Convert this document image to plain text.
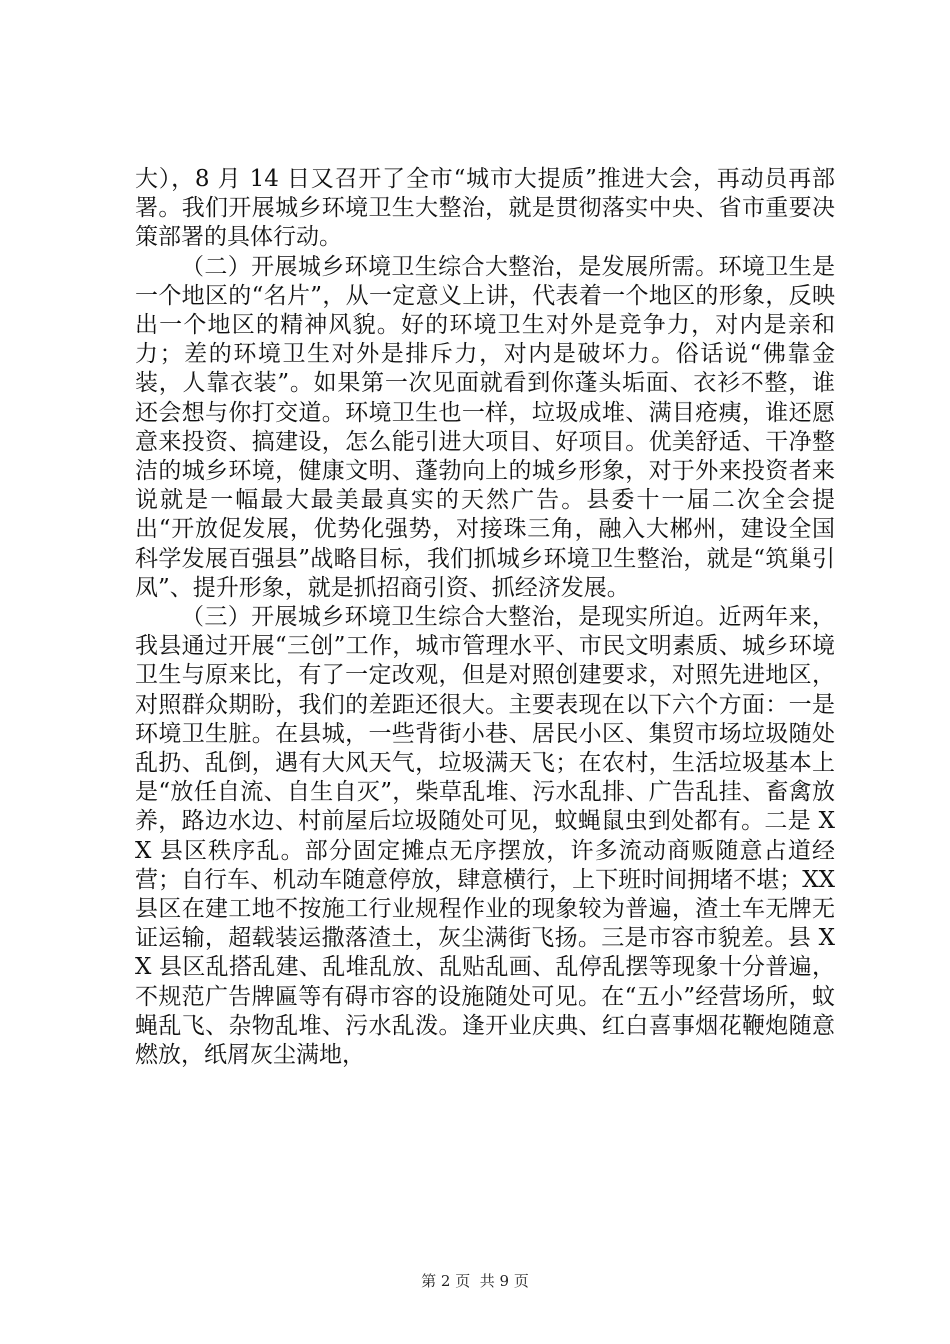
大），8 月 14 日又召开了全市“城市大提质”推进大会，再动员再部署。我们开展城乡环境卫生大整治，就是贯彻落实中央、省市重要决策部署的具体行动。

（二）开展城乡环境卫生综合大整治，是发展所需。环境卫生是一个地区的“名片”，从一定意义上讲，代表着一个地区的形象，反映出一个地区的精神风貌。好的环境卫生对外是竞争力，对内是亲和力；差的环境卫生对外是排斥力，对内是破坏力。俗话说“佛靠金装，人靠衣装”。如果第一次见面就看到你蓬头垢面、衣衫不整，谁还会想与你打交道。环境卫生也一样，垃圾成堆、满目疮痍，谁还愿意来投资、搞建设，怎么能引进大项目、好项目。优美舒适、干净整洁的城乡环境，健康文明、蓬勃向上的城乡形象，对于外来投资者来说就是一幅最大最美最真实的天然广告。县委十一届二次全会提出“开放促发展，优势化强势，对接珠三角，融入大郴州，建设全国科学发展百强县”战略目标，我们抓城乡环境卫生整治，就是“筑巢引凤”、提升形象，就是抓招商引资、抓经济发展。

（三）开展城乡环境卫生综合大整治，是现实所迫。近两年来，我县通过开展“三创”工作，城市管理水平、市民文明素质、城乡环境卫生与原来比，有了一定改观，但是对照创建要求，对照先进地区，对照群众期盼，我们的差距还很大。主要表现在以下六个方面：一是环境卫生脏。在县城，一些背街小巷、居民小区、集贸市场垃圾随处乱扔、乱倒，遇有大风天气，垃圾满天飞；在农村，生活垃圾基本上是“放任自流、自生自灭”，柴草乱堆、污水乱排、广告乱挂、畜禽放养，路边水边、村前屋后垃圾随处可见，蚊蝇鼠虫到处都有。二是 XX 县区秩序乱。部分固定摊点无序摆放，许多流动商贩随意占道经营；自行车、机动车随意停放，肆意横行，上下班时间拥堵不堪；XX 县区在建工地不按施工行业规程作业的现象较为普遍，渣土车无牌无证运输，超载装运撒落渣土，灰尘满街飞扬。三是市容市貌差。县 XX 县区乱搭乱建、乱堆乱放、乱贴乱画、乱停乱摆等现象十分普遍，不规范广告牌匾等有碍市容的设施随处可见。在“五小”经营场所，蚊蝇乱飞、杂物乱堆、污水乱泼。逢开业庆典、红白喜事烟花鞭炮随意燃放，纸屑灰尘满地，

第 2 页  共 9 页
